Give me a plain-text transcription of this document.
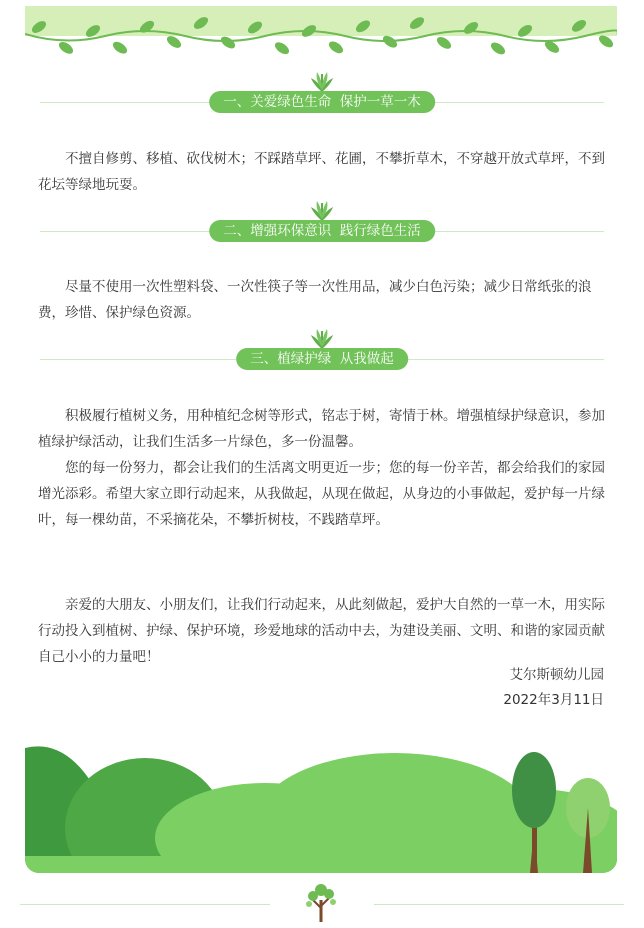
一、关爱绿色生命  保护一草一木

不擅自修剪、移植、砍伐树木；不踩踏草坪、花圃，不攀折草木，不穿越开放式草坪，不到花坛等绿地玩耍。

二、增强环保意识  践行绿色生活

尽量不使用一次性塑料袋、一次性筷子等一次性用品，减少白色污染；减少日常纸张的浪费，珍惜、保护绿色资源。

三、植绿护绿  从我做起

积极履行植树义务，用种植纪念树等形式，铭志于树，寄情于林。增强植绿护绿意识，参加植绿护绿活动，让我们生活多一片绿色，多一份温馨。

您的每一份努力，都会让我们的生活离文明更近一步；您的每一份辛苦，都会给我们的家园增光添彩。希望大家立即行动起来，从我做起，从现在做起，从身边的小事做起，爱护每一片绿叶，每一棵幼苗，不采摘花朵，不攀折树枝，不践踏草坪。

亲爱的大朋友、小朋友们，让我们行动起来，从此刻做起，爱护大自然的一草一木，用实际行动投入到植树、护绿、保护环境，珍爱地球的活动中去，为建设美丽、文明、和谐的家园贡献自己小小的力量吧！

艾尔斯顿幼儿园
2022年3月11日
